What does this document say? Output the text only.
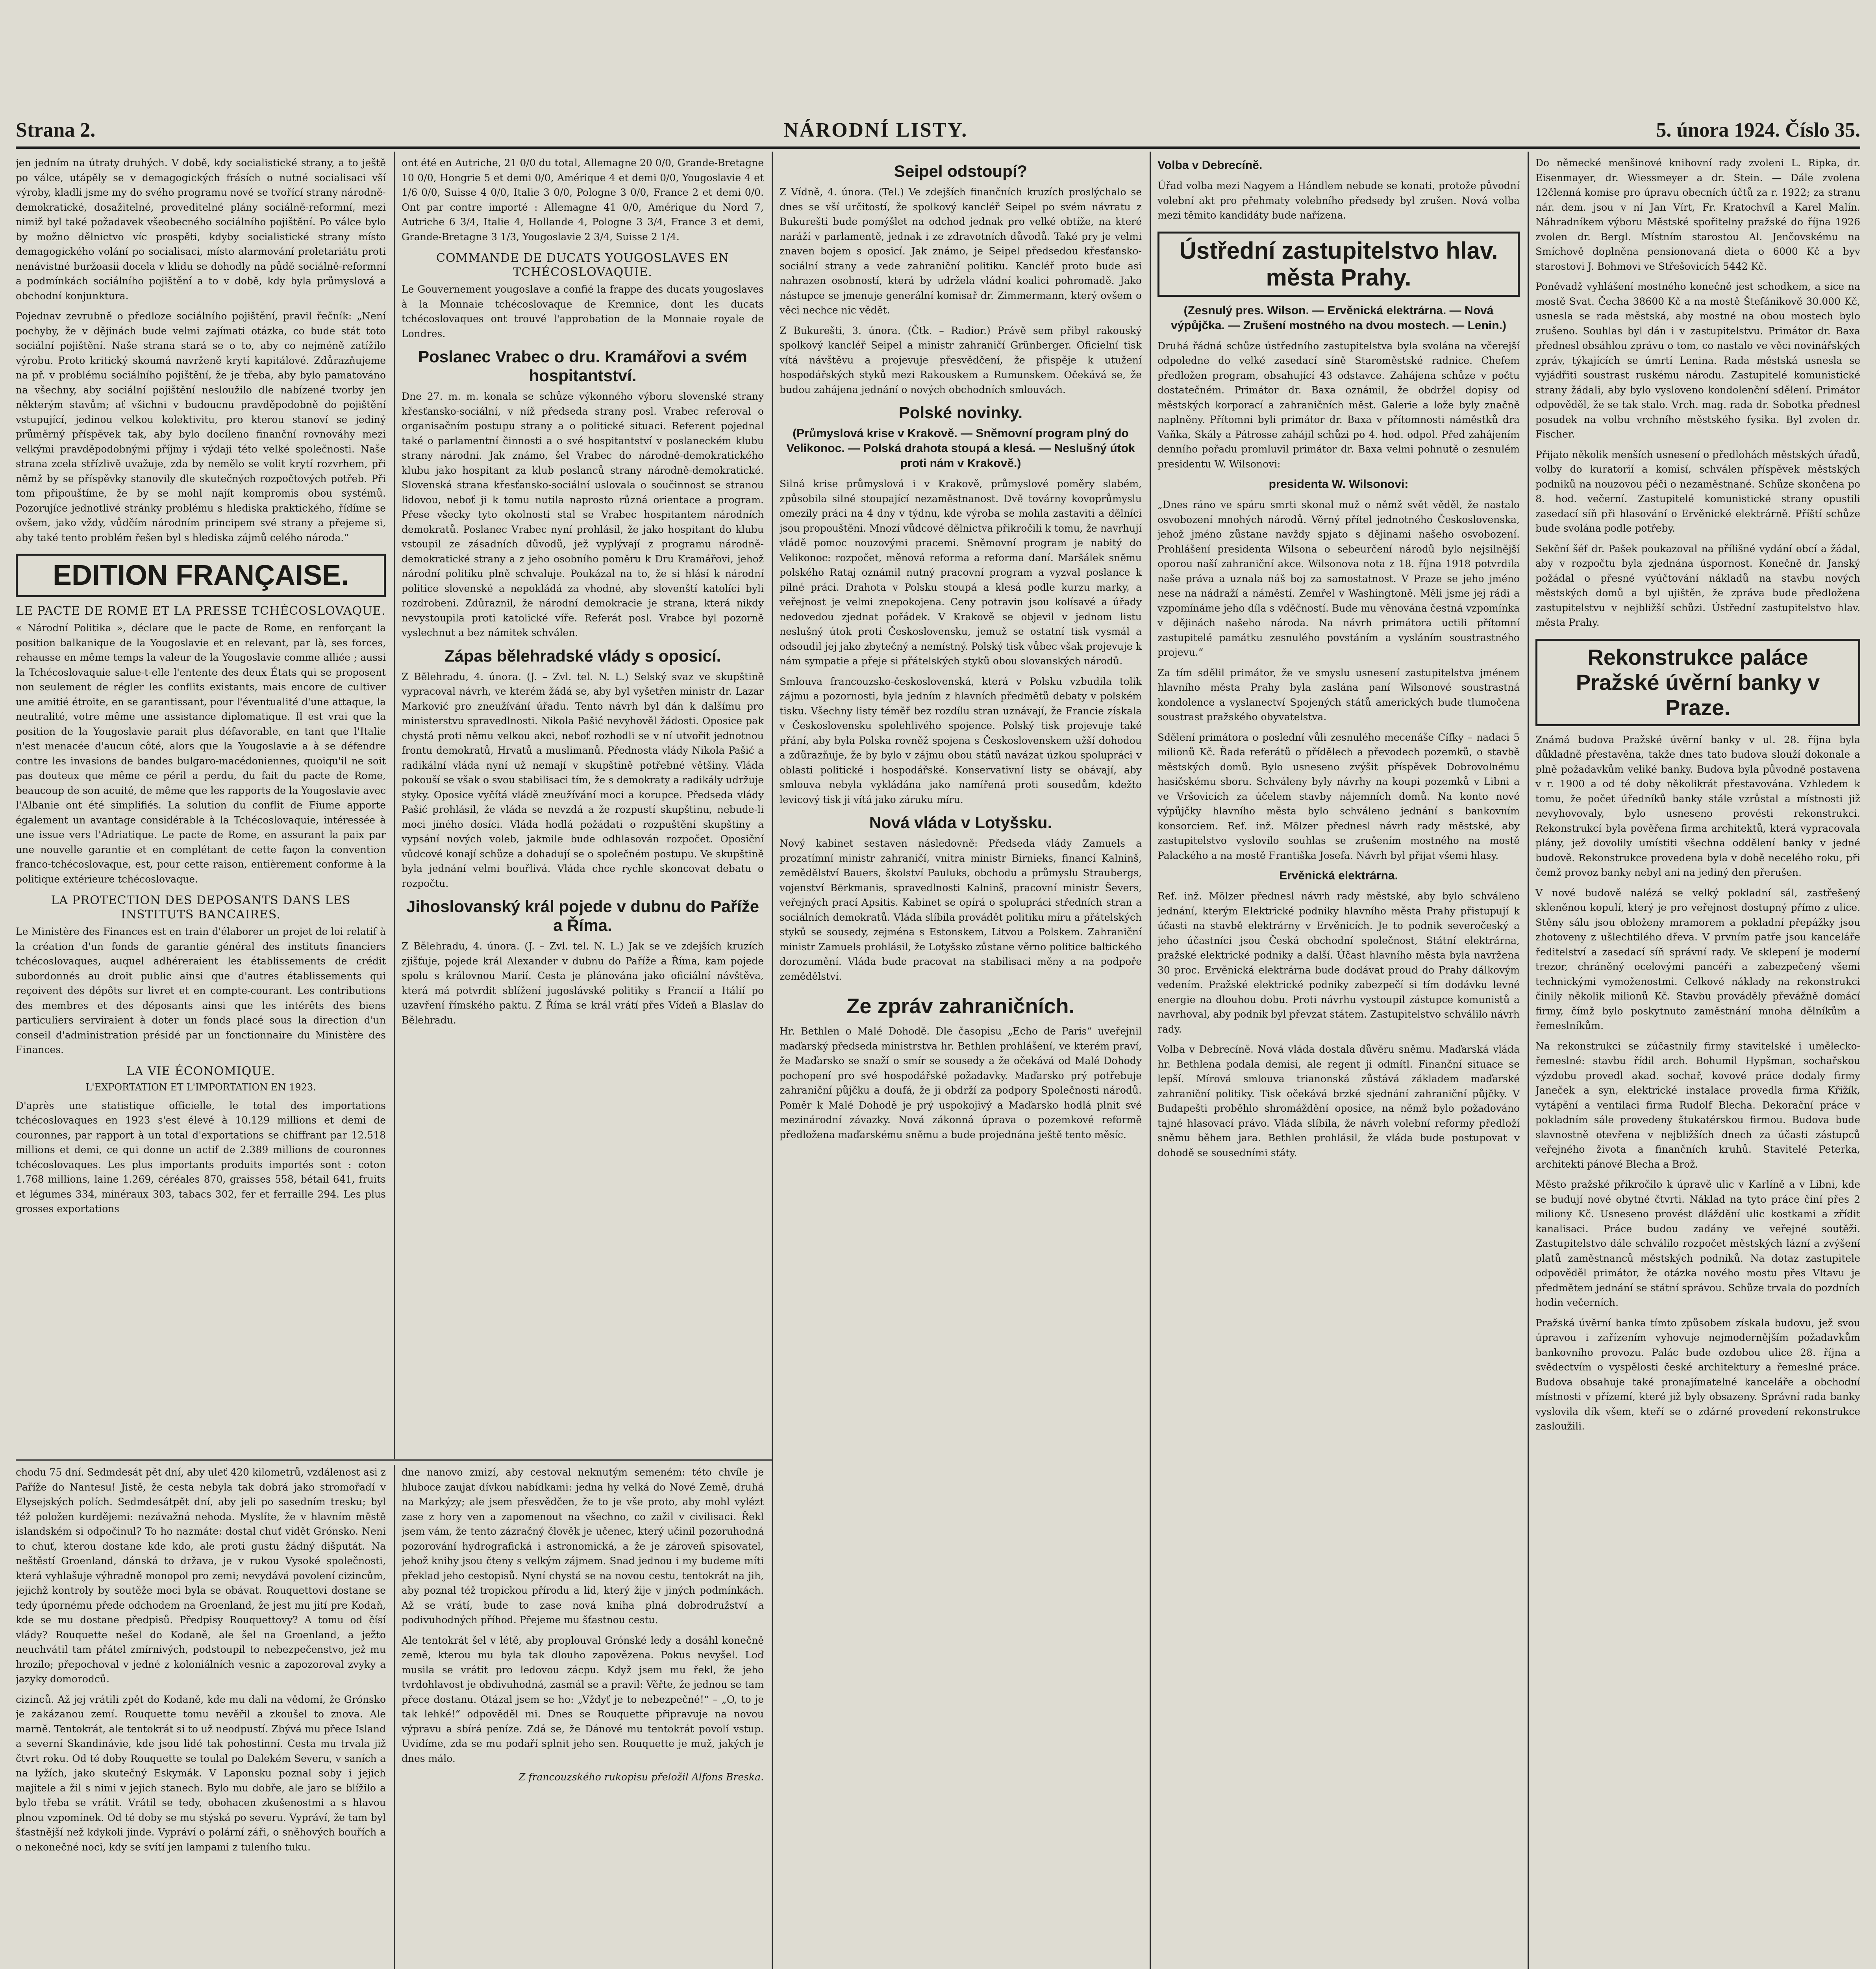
Strana 2.	NÁRODNÍ LISTY.	5. února 1924. Číslo 35.

jen jedním na útraty druhých. V době, kdy socialistické strany, a to ještě po válce, utápěly se v demagogických frásích o nutné socialisaci vší výroby, kladli jsme my do svého programu nové se tvořící strany národně-demokratické, dosažitelné, proveditelné plány sociálně-reformní, mezi nimiž byl také požadavek všeobecného sociálního pojištění. Po válce bylo by možno dělnictvo víc prospěti, kdyby socialistické strany místo demagogického volání po socialisaci, místo alarmování proletariátu proti nenávistné buržoasii docela v klidu se dohodly na půdě sociálně-reformní a podmínkách sociálního pojištění a to v době, kdy byla průmyslová a obchodní konjunktura.

Pojednav zevrubně o předloze sociálního pojištění, pravil řečník: „Není pochyby, že v dějinách bude velmi zajímati otázka, co bude stát toto sociální pojištění. Naše strana stará se o to, aby co nejméně zatížilo výrobu. Proto kritický skoumá navrženě krytí kapitálové. Zdůrazňujeme na př. v problému sociálního pojištění, že je třeba, aby bylo pamatováno na všechny, aby sociální pojištění nesloužilo dle nabízené tvorby jen některým stavům; ať všichni v budoucnu pravděpodobně do pojištění vstupující, jedinou velkou kolektivitu, pro kterou stanoví se jediný průměrný příspěvek tak, aby bylo docíleno finanční rovnováhy mezi velkými pravděpodobnými příjmy i výdaji této velké společnosti. Naše strana zcela střízlivě uvažuje, zda by nemělo se volit krytí rozvrhem, při němž by se příspěvky stanovily dle skutečných rozpočtových potřeb. Při tom připouštíme, že by se mohl najít kompromis obou systémů. Pozorujíce jednotlivé stránky problému s hlediska praktického, řídíme se ovšem, jako vždy, vůdčím národním principem své strany a přejeme si, aby také tento problém řešen byl s hlediska zájmů celého národa.“

EDITION FRANÇAISE.
LE PACTE DE ROME ET LA PRESSE TCHÉCOSLOVAQUE.

« Národní Politika », déclare que le pacte de Rome, en renforçant la position balkanique de la Yougoslavie et en relevant, par là, ses forces, rehausse en même temps la valeur de la Yougoslavie comme alliée ; aussi la Tchécoslovaquie salue-t-elle l'entente des deux États qui se proposent non seulement de régler les conflits existants, mais encore de cultiver une amitié étroite, en se garantissant, pour l'éventualité d'une attaque, la neutralité, votre même une assistance diplomatique. Il est vrai que la position de la Yougoslavie parait plus défavorable, en tant que l'Italie n'est menacée d'aucun côté, alors que la Yougoslavie a à se défendre contre les invasions de bandes bulgaro-macédoniennes, quoiqu'il ne soit pas douteux que même ce péril a perdu, du fait du pacte de Rome, beaucoup de son acuité, de même que les rapports de la Yougoslavie avec l'Albanie ont été simplifiés. La solution du conflit de Fiume apporte également un avantage considérable à la Tchécoslovaquie, intéressée à une issue vers l'Adriatique. Le pacte de Rome, en assurant la paix par une nouvelle garantie et en complétant de cette façon la convention franco-tchécoslovaque, est, pour cette raison, entièrement conforme à la politique extérieure tchécoslovaque.

LA PROTECTION DES DEPOSANTS DANS LES INSTITUTS BANCAIRES.

Le Ministère des Finances est en train d'élaborer un projet de loi relatif à la création d'un fonds de garantie général des instituts financiers tchécoslovaques, auquel adhéreraient les établissements de crédit subordonnés au droit public ainsi que d'autres établissements qui reçoivent des dépôts sur livret et en compte-courant. Les contributions des membres et des déposants ainsi que les intérêts des biens particuliers serviraient à doter un fonds placé sous la direction d'un conseil d'administration présidé par un fonctionnaire du Ministère des Finances.

LA VIE ÉCONOMIQUE.
L'EXPORTATION ET L'IMPORTATION EN 1923.

D'après une statistique officielle, le total des importations tchécoslovaques en 1923 s'est élevé à 10.129 millions et demi de couronnes, par rapport à un total d'exportations se chiffrant par 12.518 millions et demi, ce qui donne un actif de 2.389 millions de couronnes tchécoslovaques. Les plus importants produits importés sont : coton 1.768 millions, laine 1.269, céréales 870, graisses 558, bétail 641, fruits et légumes 334, minéraux 303, tabacs 302, fer et ferraille 294. Les plus grosses exportations

ont été en Autriche, 21 0/0 du total, Allemagne 20 0/0, Grande-Bretagne 10 0/0, Hongrie 5 et demi 0/0, Amérique 4 et demi 0/0, Yougoslavie 4 et 1/6 0/0, Suisse 4 0/0, Italie 3 0/0, Pologne 3 0/0, France 2 et demi 0/0. Ont par contre importé : Allemagne 41 0/0, Amérique du Nord 7, Autriche 6 3/4, Italie 4, Hollande 4, Pologne 3 3/4, France 3 et demi, Grande-Bretagne 3 1/3, Yougoslavie 2 3/4, Suisse 2 1/4.

COMMANDE DE DUCATS YOUGOSLAVES EN TCHÉCOSLOVAQUIE.

Le Gouvernement yougoslave a confié la frappe des ducats yougoslaves à la Monnaie tchécoslovaque de Kremnice, dont les ducats tchécoslovaques ont trouvé l'approbation de la Monnaie royale de Londres.

Poslanec Vrabec o dru. Kramářovi a svém hospitantství.

Dne 27. m. m. konala se schůze výkonného výboru slovenské strany křesťansko-sociální, v níž předseda strany posl. Vrabec referoval o organisačním postupu strany a o politické situaci. Referent pojednal také o parlamentní činnosti a o své hospitantství v poslaneckém klubu strany národní. Jak známo, šel Vrabec do národně-demokratického klubu jako hospitant za klub poslanců strany národně-demokratické. Slovenská strana křesťansko-sociální uslovala o součinnost se stranou lidovou, neboť ji k tomu nutila naprosto různá orientace a program. Přese všecky tyto okolnosti stal se Vrabec hospitantem národních demokratů. Poslanec Vrabec nyní prohlásil, že jako hospitant do klubu vstoupil ze zásadních důvodů, jež vyplývají z programu národně-demokratické strany a z jeho osobního poměru k Dru Kramářovi, jehož národní politiku plně schvaluje. Poukázal na to, že si hlásí k národní politice slovenské a nepokládá za vhodné, aby slovenští katolíci byli rozdrobeni. Zdůraznil, že národní demokracie je strana, která nikdy nevystoupila proti katolické víře. Referát posl. Vrabce byl pozorně vyslechnut a bez námitek schválen.

Zápas bělehradské vlády s oposicí.

Z Bělehradu, 4. února. (J. – Zvl. tel. N. L.) Selský svaz ve skupštině vypracoval návrh, ve kterém žádá se, aby byl vyšetřen ministr dr. Lazar Marković pro zneužívání úřadu. Tento návrh byl dán k dalšímu pro ministerstvu spravedlnosti. Nikola Pašić nevyhověl žádosti. Oposice pak chystá proti němu velkou akci, neboť rozhodli se v ní utvořit jednotnou frontu demokratů, Hrvatů a muslimanů. Přednosta vlády Nikola Pašić a radikální vláda nyní už nemají v skupštině potřebné většiny. Vláda pokouší se však o svou stabilisaci tím, že s demokraty a radikály udržuje styky. Oposice vyčítá vládě zneužívání moci a korupce. Předseda vlády Pašić prohlásil, že vláda se nevzdá a že rozpustí skupštinu, nebude-li moci jiného dosíci. Vláda hodlá požádati o rozpuštění skupštiny a vypsání nových voleb, jakmile bude odhlasován rozpočet. Oposiční vůdcové konají schůze a dohadují se o společném postupu. Ve skupštině byla jednání velmi bouřlivá. Vláda chce rychle skoncovat debatu o rozpočtu.

Jihoslovanský král pojede v dubnu do Paříže a Říma.

Z Bělehradu, 4. února. (J. – Zvl. tel. N. L.) Jak se ve zdejších kruzích zjišťuje, pojede král Alexander v dubnu do Paříže a Říma, kam pojede spolu s královnou Marií. Cesta je plánována jako oficiální návštěva, která má potvrdit sblížení jugoslávské politiky s Francií a Itálií po uzavření římského paktu. Z Říma se král vrátí přes Vídeň a Blaslav do Bělehradu.

Seipel odstoupí?

Z Vídně, 4. února. (Tel.) Ve zdejších finančních kruzích proslýchalo se dnes se vší určitostí, že spolkový kancléř Seipel po svém návratu z Bukurešti bude pomýšlet na odchod jednak pro velké obtíže, na které naráží v parlamentě, jednak i ze zdravotních důvodů. Také pry je velmi znaven bojem s oposicí. Jak známo, je Seipel předsedou křesťansko-sociální strany a vede zahraniční politiku. Kancléř proto bude asi nahrazen osobností, která by udržela vládní koalici pohromadě. Jako nástupce se jmenuje generální komisař dr. Zimmermann, který ovšem o věci nechce nic vědět.

Z Bukurešti, 3. února. (Čtk. – Radior.) Právě sem přibyl rakouský spolkový kancléř Seipel a ministr zahraničí Grünberger. Oficielní tisk vítá návštěvu a projevuje přesvědčení, že přispěje k utužení hospodářských styků mezi Rakouskem a Rumunskem. Očekává se, že budou zahájena jednání o nových obchodních smlouvách.

Polské novinky.
(Průmyslová krise v Krakově. — Sněmovní program plný do Velikonoc. — Polská drahota stoupá a klesá. — Neslušný útok proti nám v Krakově.)

Silná krise průmyslová i v Krakově, průmyslové poměry slabém, způsobila silné stoupající nezaměstnanost. Dvě továrny kovoprůmyslu omezily práci na 4 dny v týdnu, kde výroba se mohla zastaviti a dělníci jsou propouštěni. Mnozí vůdcové dělnictva přikročili k tomu, že navrhují vládě pomoc nouzovými pracemi. Sněmovní program je nabitý do Velikonoc: rozpočet, měnová reforma a reforma daní. Maršálek sněmu polského Rataj oznámil nutný pracovní program a vyzval poslance k pilné práci. Drahota v Polsku stoupá a klesá podle kurzu marky, a veřejnost je velmi znepokojena. Ceny potravin jsou kolísavé a úřady nedovedou zjednat pořádek. V Krakově se objevil v jednom listu neslušný útok proti Československu, jemuž se ostatní tisk vysmál a odsoudil jej jako zbytečný a nemístný. Polský tisk vůbec však projevuje k nám sympatie a přeje si přátelských styků obou slovanských národů.

Smlouva francouzsko-československá, která v Polsku vzbudila tolik zájmu a pozornosti, byla jedním z hlavních předmětů debaty v polském tisku. Všechny listy téměř bez rozdílu stran uznávají, že Francie získala v Československu spolehlivého spojence. Polský tisk projevuje také přání, aby byla Polska rovněž spojena s Československem užší dohodou a zdůrazňuje, že by bylo v zájmu obou států navázat úzkou spolupráci v oblasti politické i hospodářské. Konservativní listy se obávají, aby smlouva nebyla vykládána jako namířená proti sousedům, kdežto levicový tisk ji vítá jako záruku míru.

Nová vláda v Lotyšsku.

Nový kabinet sestaven následovně: Předseda vlády Zamuels a prozatímní ministr zahraničí, vnitra ministr Birnieks, financí Kalninš, zemědělství Bauers, školství Pauluks, obchodu a průmyslu Straubergs, vojenství Bērkmanis, spravedlnosti Kalninš, pracovní ministr Ševers, veřejných prací Apsitis. Kabinet se opírá o spolupráci středních stran a sociálních demokratů. Vláda slíbila provádět politiku míru a přátelských styků se sousedy, zejména s Estonskem, Litvou a Polskem. Zahraniční ministr Zamuels prohlásil, že Lotyšsko zůstane věrno politice baltického dorozumění. Vláda bude pracovat na stabilisaci měny a na podpoře zemědělství.

Ze zpráv zahraničních.

Hr. Bethlen o Malé Dohodě. Dle časopisu „Echo de Paris“ uveřejnil maďarský předseda ministrstva hr. Bethlen prohlášení, ve kterém praví, že Maďarsko se snaží o smír se sousedy a že očekává od Malé Dohody pochopení pro své hospodářské požadavky. Maďarsko prý potřebuje zahraniční půjčku a doufá, že ji obdrží za podpory Společnosti národů. Poměr k Malé Dohodě je prý uspokojivý a Maďarsko hodlá plnit své mezinárodní závazky. Nová zákonná úprava o pozemkové reformě předložena maďarskému sněmu a bude projednána ještě tento měsíc.

Volba v Debrecíně.

Úřad volba mezi Nagyem a Hándlem nebude se konati, protože původní volební akt pro přehmaty volebního předsedy byl zrušen. Nová volba mezi těmito kandidáty bude nařízena.

Ústřední zastupitelstvo hlav. města Prahy.
(Zesnulý pres. Wilson. — Ervěnická elektrárna. — Nová výpůjčka. — Zrušení mostného na dvou mostech. — Lenin.)

Druhá řádná schůze ústředního zastupitelstva byla svolána na včerejší odpoledne do velké zasedací síně Staroměstské radnice. Chefem předložen program, obsahující 43 odstavce. Zahájena schůze v počtu dostatečném. Primátor dr. Baxa oznámil, že obdržel dopisy od městských korporací a zahraničních měst. Galerie a lože byly značně naplněny. Přítomni byli primátor dr. Baxa v přítomnosti náměstků dra Vaňka, Skály a Pátrosse zahájil schůzi po 4. hod. odpol. Před zahájením denního pořadu promluvil primátor dr. Baxa velmi pohnutě o zesnulém presidentu W. Wilsonovi:

presidenta W. Wilsonovi:

„Dnes ráno ve spáru smrti skonal muž o němž svět věděl, že nastalo osvobození mnohých národů. Věrný přítel jednotného Československa, jehož jméno zůstane navždy spjato s dějinami našeho osvobození. Prohlášení presidenta Wilsona o sebeurčení národů bylo nejsilnější oporou naší zahraniční akce. Wilsonova nota z 18. října 1918 potvrdila naše práva a uznala náš boj za samostatnost. V Praze se jeho jméno nese na nádraží a náměstí. Zemřel v Washingtoně. Měli jsme jej rádi a vzpomínáme jeho díla s vděčností. Bude mu věnována čestná vzpomínka v dějinách našeho národa. Na návrh primátora uctili přítomní zastupitelé památku zesnulého povstáním a vysláním soustrastného projevu.“

Za tím sdělil primátor, že ve smyslu usnesení zastupitelstva jménem hlavního města Prahy byla zaslána paní Wilsonové soustrastná kondolence a vyslanectví Spojených států amerických bude tlumočena soustrast pražského obyvatelstva.

Sdělení primátora o poslední vůli zesnulého mecenáše Cífky – nadaci 5 milionů Kč. Řada referátů o přídělech a převodech pozemků, o stavbě městských domů. Bylo usneseno zvýšit příspěvek Dobrovolnému hasičskému sboru. Schváleny byly návrhy na koupi pozemků v Libni a ve Vršovicích za účelem stavby nájemních domů. Na konto nové výpůjčky hlavního města bylo schváleno jednání s bankovním konsorciem. Ref. inž. Mölzer přednesl návrh rady městské, aby zastupitelstvo vyslovilo souhlas se zrušením mostného na mostě Palackého a na mostě Františka Josefa. Návrh byl přijat všemi hlasy.

Ervěnická elektrárna.

Ref. inž. Mölzer přednesl návrh rady městské, aby bylo schváleno jednání, kterým Elektrické podniky hlavního města Prahy přistupují k účasti na stavbě elektrárny v Ervěnicích. Je to podnik severočeský a jeho účastníci jsou Česká obchodní společnost, Státní elektrárna, pražské elektrické podniky a další. Účast hlavního města byla navržena 30 proc. Ervěnická elektrárna bude dodávat proud do Prahy dálkovým vedením. Pražské elektrické podniky zabezpečí si tím dodávku levné energie na dlouhou dobu. Proti návrhu vystoupil zástupce komunistů a navrhoval, aby podnik byl převzat státem. Zastupitelstvo schválilo návrh rady.

Volba v Debrecíně. Nová vláda dostala důvěru sněmu. Maďarská vláda hr. Bethlena podala demisi, ale regent ji odmítl. Finanční situace se lepší. Mírová smlouva trianonská zůstává základem maďarské zahraniční politiky. Tisk očekává brzké sjednání zahraniční půjčky. V Budapešti proběhlo shromáždění oposice, na němž bylo požadováno tajné hlasovací právo. Vláda slíbila, že návrh volební reformy předloží sněmu během jara. Bethlen prohlásil, že vláda bude postupovat v dohodě se sousedními státy.

Do německé menšinové knihovní rady zvoleni L. Ripka, dr. Eisenmayer, dr. Wiessmeyer a dr. Stein. — Dále zvolena 12členná komise pro úpravu obecních účtů za r. 1922; za stranu nár. dem. jsou v ní Jan Vírt, Fr. Kratochvíl a Karel Malín. Náhradníkem výboru Městské spořitelny pražské do října 1926 zvolen dr. Bergl. Místním starostou Al. Jenčovskému na Smíchově doplněna pensionovaná dieta o 6000 Kč a byv starostovi J. Bohmovi ve Střešovicích 5442 Kč.

Poněvadž vyhlášení mostného konečně jest schodkem, a sice na mostě Svat. Čecha 38600 Kč a na mostě Štefánikově 30.000 Kč, usnesla se rada městská, aby mostné na obou mostech bylo zrušeno. Souhlas byl dán i v zastupitelstvu. Primátor dr. Baxa přednesl obsáhlou zprávu o tom, co nastalo ve věci novinářských zpráv, týkajících se úmrtí Lenina. Rada městská usnesla se vyjádřiti soustrast ruskému národu. Zastupitelé komunistické strany žádali, aby bylo vysloveno kondolenční sdělení. Primátor odpověděl, že se tak stalo. Vrch. mag. rada dr. Sobotka přednesl posudek na volbu vrchního městského fysika. Byl zvolen dr. Fischer.

Přijato několik menších usnesení o předlohách městských úřadů, volby do kuratorií a komisí, schválen příspěvek městských podniků na nouzovou péči o nezaměstnané. Schůze skončena po 8. hod. večerní. Zastupitelé komunistické strany opustili zasedací síň při hlasování o Ervěnické elektrárně. Příští schůze bude svolána podle potřeby.

Sekční šéf dr. Pašek poukazoval na přílišné vydání obcí a žádal, aby v rozpočtu byla zjednána úspornost. Konečně dr. Janský požádal o přesné vyúčtování nákladů na stavbu nových městských domů a byl ujištěn, že zpráva bude předložena zastupitelstvu v nejbližší schůzi. Ústřední zastupitelstvo hlav. města Prahy.

Rekonstrukce paláce Pražské úvěrní banky v Praze.

Známá budova Pražské úvěrní banky v ul. 28. října byla důkladně přestavěna, takže dnes tato budova slouží dokonale a plně požadavkům veliké banky. Budova byla původně postavena v r. 1900 a od té doby několikrát přestavována. Vzhledem k tomu, že počet úředníků banky stále vzrůstal a místnosti již nevyhovovaly, bylo usneseno provésti rekonstrukci. Rekonstrukcí byla pověřena firma architektů, která vypracovala plány, jež dovolily umístiti všechna oddělení banky v jedné budově. Rekonstrukce provedena byla v době necelého roku, při čemž provoz banky nebyl ani na jediný den přerušen.

V nové budově nalézá se velký pokladní sál, zastřešený skleněnou kopulí, který je pro veřejnost dostupný přímo z ulice. Stěny sálu jsou obloženy mramorem a pokladní přepážky jsou zhotoveny z ušlechtilého dřeva. V prvním patře jsou kanceláře ředitelství a zasedací síň správní rady. Ve sklepení je moderní trezor, chráněný ocelovými pancéři a zabezpečený všemi technickými vymoženostmi. Celkové náklady na rekonstrukci činily několik milionů Kč. Stavbu prováděly převážně domácí firmy, čímž bylo poskytnuto zaměstnání mnoha dělníkům a řemeslníkům.

Na rekonstrukci se zúčastnily firmy stavitelské i umělecko-řemeslné: stavbu řídil arch. Bohumil Hypšman, sochařskou výzdobu provedl akad. sochař, kovové práce dodaly firmy Janeček a syn, elektrické instalace provedla firma Křižík, vytápění a ventilaci firma Rudolf Blecha. Dekorační práce v pokladním sále provedeny štukatérskou firmou. Budova bude slavnostně otevřena v nejbližších dnech za účasti zástupců veřejného života a finančních kruhů. Stavitelé Peterka, architekti pánové Blecha a Brož.

Město pražské přikročilo k úpravě ulic v Karlíně a v Libni, kde se budují nové obytné čtvrti. Náklad na tyto práce činí přes 2 miliony Kč. Usneseno provést dláždění ulic kostkami a zřídit kanalisaci. Práce budou zadány ve veřejné soutěži. Zastupitelstvo dále schválilo rozpočet městských lázní a zvýšení platů zaměstnanců městských podniků. Na dotaz zastupitele odpověděl primátor, že otázka nového mostu přes Vltavu je předmětem jednání se státní správou. Schůze trvala do pozdních hodin večerních.

Pražská úvěrní banka tímto způsobem získala budovu, jež svou úpravou i zařízením vyhovuje nejmodernějším požadavkům bankovního provozu. Palác bude ozdobou ulice 28. října a svědectvím o vyspělosti české architektury a řemeslné práce. Budova obsahuje také pronajímatelné kanceláře a obchodní místnosti v přízemí, které již byly obsazeny. Správní rada banky vyslovila dík všem, kteří se o zdárné provedení rekonstrukce zasloužili.

chodu 75 dní. Sedmdesát pět dní, aby uleť 420 kilometrů, vzdálenost asi z Paříže do Nantesu! Jistě, že cesta nebyla tak dobrá jako stromořadí v Elysejských polích. Sedmdesátpět dní, aby jeli po sasedním tresku; byl též položen kurdějemi: nezávažná nehoda. Myslíte, že v hlavním městě islandském si odpočinul? To ho nazmáte: dostal chuť vidět Grónsko. Neni to chuť, kterou dostane kde kdo, ale proti gustu žádný dišputát. Na neštěstí Groenland, dánská to država, je v rukou Vysoké společnosti, která vyhlašuje výhradně monopol pro zemi; nevydává povolení cizincům, jejichž kontroly by soutěže moci byla se obávat. Rouquettovi dostane se tedy úpornému přede odchodem na Groenland, že jest mu jití pre Kodaň, kde se mu dostane předpisů. Předpisy Rouquettovy? A tomu od čísí vlády? Rouquette nešel do Kodaně, ale šel na Groenland, a ježto neuchvátil tam přátel zmírnivých, podstoupil to nebezpečenstvo, jež mu hrozilo; přepochoval v jedné z koloniálních vesnic a zapozoroval zvyky a jazyky domorodců.

cizinců. Až jej vrátili zpět do Kodaně, kde mu dali na vědomí, že Grónsko je zakázanou zemí. Rouquette tomu nevěřil a zkoušel to znova. Ale marně. Tentokrát, ale tentokrát si to už neodpustí. Zbývá mu přece Island a severní Skandinávie, kde jsou lidé tak pohostinní. Cesta mu trvala již čtvrt roku. Od té doby Rouquette se toulal po Dalekém Severu, v saních a na lyžích, jako skutečný Eskymák. V Laponsku poznal soby i jejich majitele a žil s nimi v jejich stanech. Bylo mu dobře, ale jaro se blížilo a bylo třeba se vrátit. Vrátil se tedy, obohacen zkušenostmi a s hlavou plnou vzpomínek. Od té doby se mu stýská po severu. Vypráví, že tam byl šťastnější než kdykoli jinde. Vypráví o polární záři, o sněhových bouřích a o nekonečné noci, kdy se svítí jen lampami z tuleního tuku.

dne nanovo zmizí, aby cestoval neknutým semeném: této chvíle je hluboce zaujat dívkou nabídkami: jedna hy velká do Nové Země, druhá na Markýzy; ale jsem přesvědčen, že to je vše proto, aby mohl vylézt zase z hory ven a zapomenout na všechno, co zažil v civilisaci. Řekl jsem vám, že tento zázračný člověk je učenec, který učinil pozoruhodná pozorování hydrografická i astronomická, a že je zároveň spisovatel, jehož knihy jsou čteny s velkým zájmem. Snad jednou i my budeme míti překlad jeho cestopisů. Nyní chystá se na novou cestu, tentokrát na jih, aby poznal též tropickou přírodu a lid, který žije v jiných podmínkách. Až se vrátí, bude to zase nová kniha plná dobrodružství a podivuhodných příhod. Přejeme mu šťastnou cestu.

Ale tentokrát šel v létě, aby proplouval Grónské ledy a dosáhl konečně země, kterou mu byla tak dlouho zapovězena. Pokus nevyšel. Loď musila se vrátit pro ledovou zácpu. Když jsem mu řekl, že jeho tvrdohlavost je obdivuhodná, zasmál se a pravil: Věřte, že jednou se tam přece dostanu. Otázal jsem se ho: „Vždyť je to nebezpečné!“ – „O, to je tak lehké!“ odpověděl mi. Dnes se Rouquette připravuje na novou výpravu a sbírá peníze. Zdá se, že Dánové mu tentokrát povolí vstup. Uvidíme, zda se mu podaří splnit jeho sen. Rouquette je muž, jakých je dnes málo.

Z francouzského rukopisu přeložil Alfons Breska.
